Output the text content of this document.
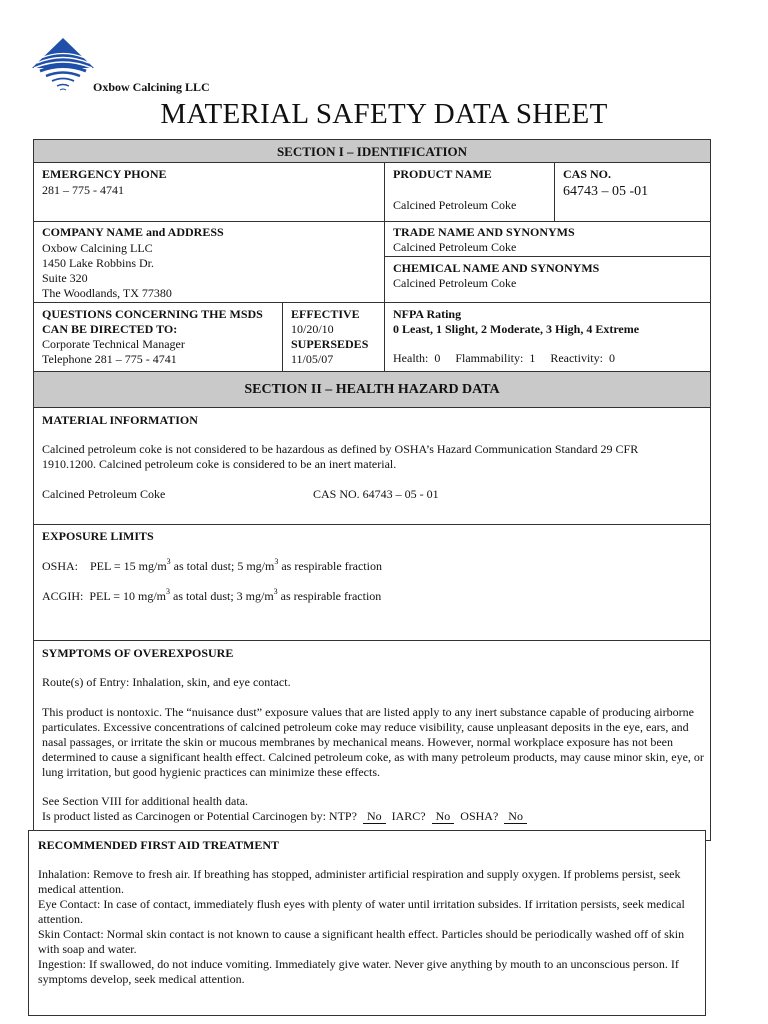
Oxbow Calcining LLC
MATERIAL SAFETY DATA SHEET
SECTION I – IDENTIFICATION
EMERGENCY PHONE
281 – 775 - 4741
PRODUCT NAME
Calcined Petroleum Coke
CAS NO.
64743 – 05 -01
COMPANY NAME and ADDRESS
Oxbow Calcining LLC
1450 Lake Robbins Dr.
Suite 320
The Woodlands, TX 77380
TRADE NAME AND SYNONYMS
Calcined Petroleum Coke
CHEMICAL NAME AND SYNONYMS
Calcined Petroleum Coke
QUESTIONS CONCERNING THE MSDS
CAN BE DIRECTED TO:
Corporate Technical Manager
Telephone 281 – 775 - 4741
EFFECTIVE
10/20/10
SUPERSEDES
11/05/07
NFPA Rating
0 Least, 1 Slight, 2 Moderate, 3 High, 4 Extreme
Health:  0     Flammability:  1     Reactivity:  0
SECTION II – HEALTH HAZARD DATA
MATERIAL INFORMATION
Calcined petroleum coke is not considered to be hazardous as defined by OSHA’s Hazard Communication Standard 29 CFR 1910.1200. Calcined petroleum coke is considered to be an inert material.
Calcined Petroleum Coke	CAS NO. 64743 – 05 - 01
EXPOSURE LIMITS
OSHA:    PEL = 15 $mg/m^3$ as total dust; 5 $mg/m^3$ as respirable fraction
ACGIH:  PEL = 10 $mg/m^3$ as total dust; 3 $mg/m^3$ as respirable fraction
SYMPTOMS OF OVEREXPOSURE
Route(s) of Entry: Inhalation, skin, and eye contact.
This product is nontoxic. The “nuisance dust” exposure values that are listed apply to any inert substance capable of producing airborne particulates. Excessive concentrations of calcined petroleum coke may reduce visibility, cause unpleasant deposits in the eye, ears, and nasal passages, or irritate the skin or mucous membranes by mechanical means. However, normal workplace exposure has not been determined to cause a significant health effect. Calcined petroleum coke, as with many petroleum products, may cause minor skin, eye, or lung irritation, but good hygienic practices can minimize these effects.
See Section VIII for additional health data.
Is product listed as Carcinogen or Potential Carcinogen by: NTP? No IARC? No OSHA? No
RECOMMENDED FIRST AID TREATMENT
Inhalation: Remove to fresh air. If breathing has stopped, administer artificial respiration and supply oxygen. If problems persist, seek medical attention.
Eye Contact: In case of contact, immediately flush eyes with plenty of water until irritation subsides. If irritation persists, seek medical attention.
Skin Contact: Normal skin contact is not known to cause a significant health effect. Particles should be periodically washed off of skin with soap and water.
Ingestion: If swallowed, do not induce vomiting. Immediately give water. Never give anything by mouth to an unconscious person. If symptoms develop, seek medical attention.
